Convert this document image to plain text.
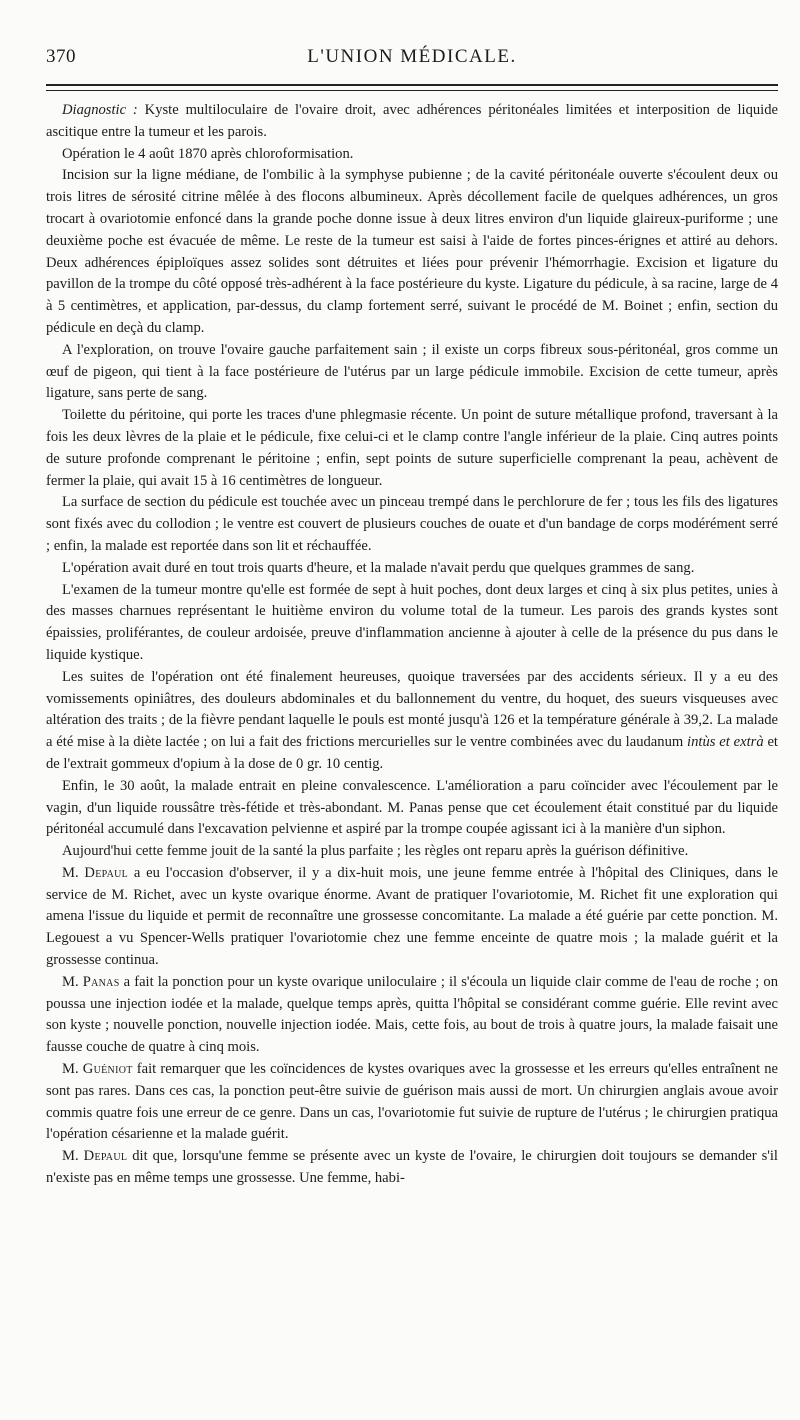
370	L'UNION MÉDICALE.

Diagnostic : Kyste multiloculaire de l'ovaire droit, avec adhérences péritonéales limitées et interposition de liquide ascitique entre la tumeur et les parois.

Opération le 4 août 1870 après chloroformisation.

Incision sur la ligne médiane, de l'ombilic à la symphyse pubienne ; de la cavité péritonéale ouverte s'écoulent deux ou trois litres de sérosité citrine mêlée à des flocons albumineux. Après décollement facile de quelques adhérences, un gros trocart à ovariotomie enfoncé dans la grande poche donne issue à deux litres environ d'un liquide glaireux-puriforme ; une deuxième poche est évacuée de même. Le reste de la tumeur est saisi à l'aide de fortes pinces-érignes et attiré au dehors. Deux adhérences épiploïques assez solides sont détruites et liées pour prévenir l'hémorrhagie. Excision et ligature du pavillon de la trompe du côté opposé très-adhérent à la face postérieure du kyste. Ligature du pédicule, à sa racine, large de 4 à 5 centimètres, et application, par-dessus, du clamp fortement serré, suivant le procédé de M. Boinet ; enfin, section du pédicule en deçà du clamp.

A l'exploration, on trouve l'ovaire gauche parfaitement sain ; il existe un corps fibreux sous-péritonéal, gros comme un œuf de pigeon, qui tient à la face postérieure de l'utérus par un large pédicule immobile. Excision de cette tumeur, après ligature, sans perte de sang.

Toilette du péritoine, qui porte les traces d'une phlegmasie récente. Un point de suture métallique profond, traversant à la fois les deux lèvres de la plaie et le pédicule, fixe celui-ci et le clamp contre l'angle inférieur de la plaie. Cinq autres points de suture profonde comprenant le péritoine ; enfin, sept points de suture superficielle comprenant la peau, achèvent de fermer la plaie, qui avait 15 à 16 centimètres de longueur.

La surface de section du pédicule est touchée avec un pinceau trempé dans le perchlorure de fer ; tous les fils des ligatures sont fixés avec du collodion ; le ventre est couvert de plusieurs couches de ouate et d'un bandage de corps modérément serré ; enfin, la malade est reportée dans son lit et réchauffée.

L'opération avait duré en tout trois quarts d'heure, et la malade n'avait perdu que quelques grammes de sang.

L'examen de la tumeur montre qu'elle est formée de sept à huit poches, dont deux larges et cinq à six plus petites, unies à des masses charnues représentant le huitième environ du volume total de la tumeur. Les parois des grands kystes sont épaissies, proliférantes, de couleur ardoisée, preuve d'inflammation ancienne à ajouter à celle de la présence du pus dans le liquide kystique.

Les suites de l'opération ont été finalement heureuses, quoique traversées par des accidents sérieux. Il y a eu des vomissements opiniâtres, des douleurs abdominales et du ballonnement du ventre, du hoquet, des sueurs visqueuses avec altération des traits ; de la fièvre pendant laquelle le pouls est monté jusqu'à 126 et la température générale à 39,2. La malade a été mise à la diète lactée ; on lui a fait des frictions mercurielles sur le ventre combinées avec du laudanum intùs et extrà et de l'extrait gommeux d'opium à la dose de 0 gr. 10 centig.

Enfin, le 30 août, la malade entrait en pleine convalescence. L'amélioration a paru coïncider avec l'écoulement par le vagin, d'un liquide roussâtre très-fétide et très-abondant. M. Panas pense que cet écoulement était constitué par du liquide péritonéal accumulé dans l'excavation pelvienne et aspiré par la trompe coupée agissant ici à la manière d'un siphon.

Aujourd'hui cette femme jouit de la santé la plus parfaite ; les règles ont reparu après la guérison définitive.

M. Depaul a eu l'occasion d'observer, il y a dix-huit mois, une jeune femme entrée à l'hôpital des Cliniques, dans le service de M. Richet, avec un kyste ovarique énorme. Avant de pratiquer l'ovariotomie, M. Richet fit une exploration qui amena l'issue du liquide et permit de reconnaître une grossesse concomitante. La malade a été guérie par cette ponction. M. Legouest a vu Spencer-Wells pratiquer l'ovariotomie chez une femme enceinte de quatre mois ; la malade guérit et la grossesse continua.

M. Panas a fait la ponction pour un kyste ovarique uniloculaire ; il s'écoula un liquide clair comme de l'eau de roche ; on poussa une injection iodée et la malade, quelque temps après, quitta l'hôpital se considérant comme guérie. Elle revint avec son kyste ; nouvelle ponction, nouvelle injection iodée. Mais, cette fois, au bout de trois à quatre jours, la malade faisait une fausse couche de quatre à cinq mois.

M. Guéniot fait remarquer que les coïncidences de kystes ovariques avec la grossesse et les erreurs qu'elles entraînent ne sont pas rares. Dans ces cas, la ponction peut-être suivie de guérison mais aussi de mort. Un chirurgien anglais avoue avoir commis quatre fois une erreur de ce genre. Dans un cas, l'ovariotomie fut suivie de rupture de l'utérus ; le chirurgien pratiqua l'opération césarienne et la malade guérit.

M. Depaul dit que, lorsqu'une femme se présente avec un kyste de l'ovaire, le chirurgien doit toujours se demander s'il n'existe pas en même temps une grossesse. Une femme, habi-
